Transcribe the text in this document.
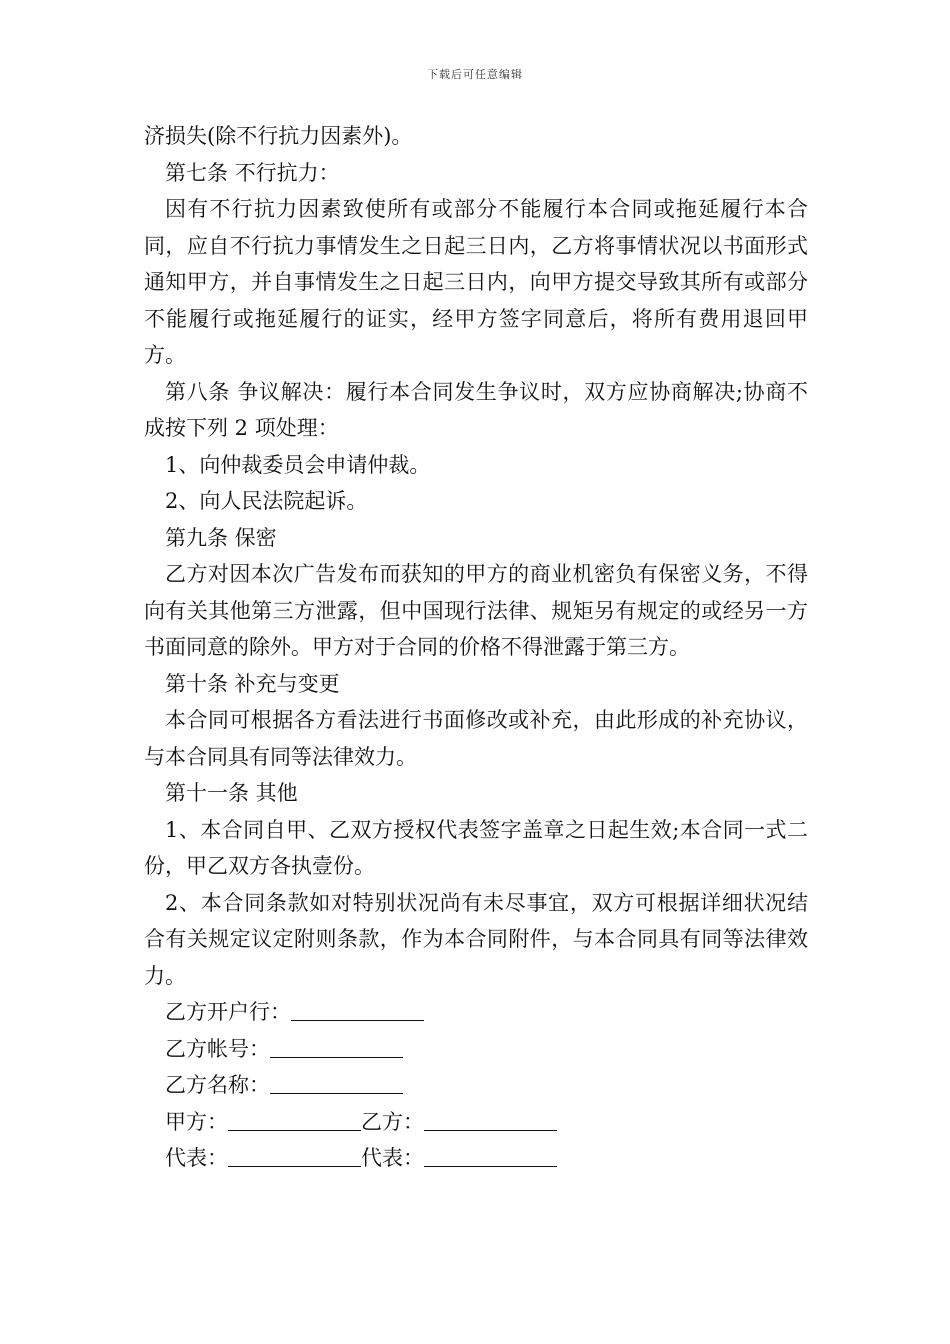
下载后可任意编辑

济损失(除不行抗力因素外)。

第七条 不行抗力：

因有不行抗力因素致使所有或部分不能履行本合同或拖延履行本合同，应自不行抗力事情发生之日起三日内，乙方将事情状况以书面形式通知甲方，并自事情发生之日起三日内，向甲方提交导致其所有或部分不能履行或拖延履行的证实，经甲方签字同意后，将所有费用退回甲方。

第八条 争议解决：履行本合同发生争议时，双方应协商解决;协商不成按下列 2 项处理：

1、向仲裁委员会申请仲裁。

2、向人民法院起诉。

第九条 保密

乙方对因本次广告发布而获知的甲方的商业机密负有保密义务，不得向有关其他第三方泄露，但中国现行法律、规矩另有规定的或经另一方书面同意的除外。甲方对于合同的价格不得泄露于第三方。

第十条 补充与变更

本合同可根据各方看法进行书面修改或补充，由此形成的补充协议，与本合同具有同等法律效力。

第十一条 其他

1、本合同自甲、乙双方授权代表签字盖章之日起生效;本合同一式二份，甲乙双方各执壹份。

2、本合同条款如对特别状况尚有未尽事宜，双方可根据详细状况结合有关规定议定附则条款，作为本合同附件，与本合同具有同等法律效力。

乙方开户行：

乙方帐号：

乙方名称：

甲方：	乙方：

代表：	代表：
